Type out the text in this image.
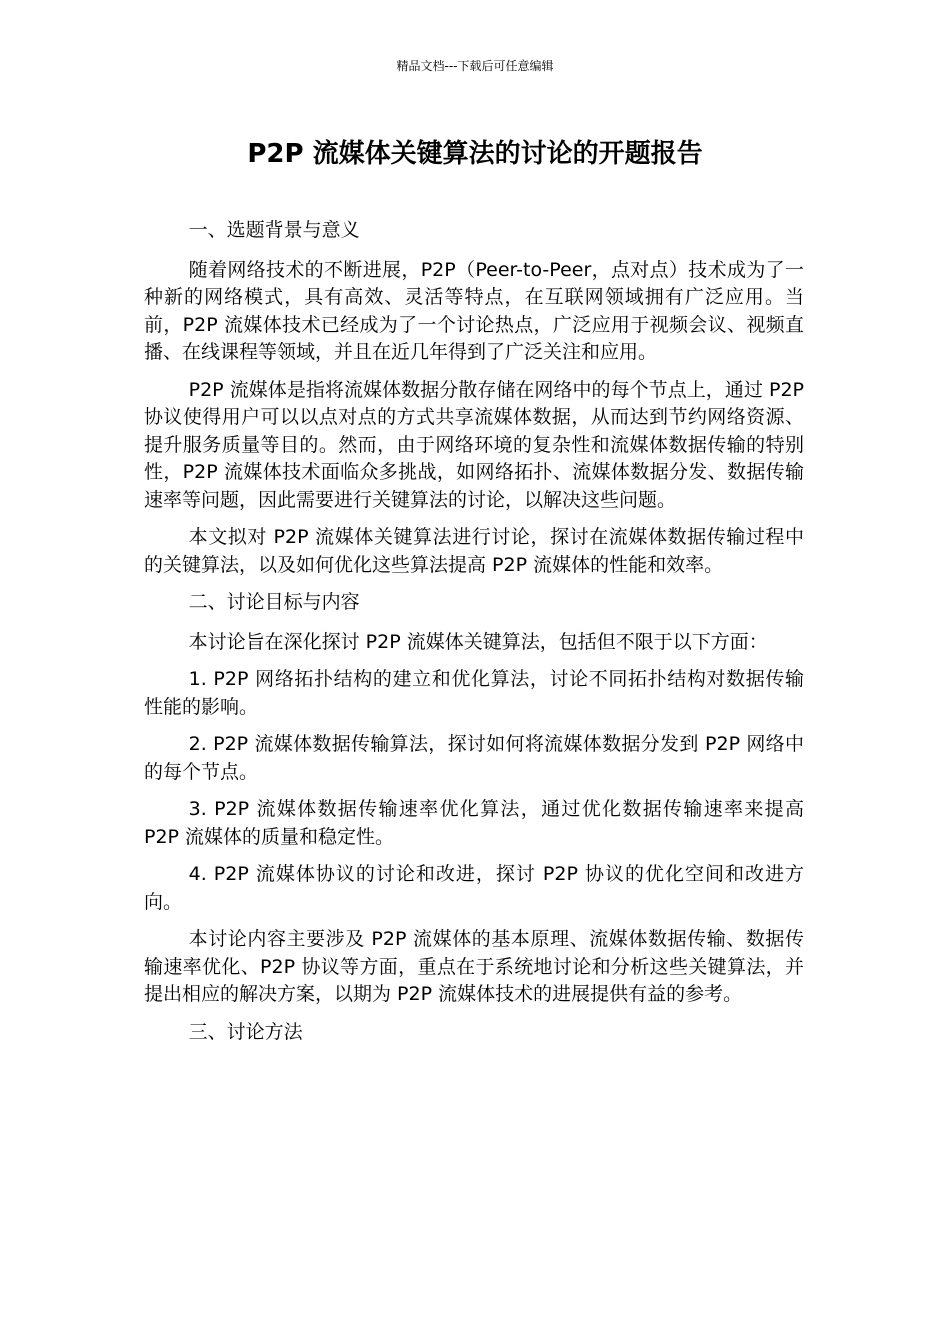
精品文档---下载后可任意编辑
P2P 流媒体关键算法的讨论的开题报告

一、选题背景与意义

随着网络技术的不断进展，P2P（Peer-to-Peer，点对点）技术成为了一种新的网络模式，具有高效、灵活等特点，在互联网领域拥有广泛应用。当前，P2P 流媒体技术已经成为了一个讨论热点，广泛应用于视频会议、视频直播、在线课程等领域，并且在近几年得到了广泛关注和应用。

P2P 流媒体是指将流媒体数据分散存储在网络中的每个节点上，通过 P2P 协议使得用户可以以点对点的方式共享流媒体数据，从而达到节约网络资源、提升服务质量等目的。然而，由于网络环境的复杂性和流媒体数据传输的特别性，P2P 流媒体技术面临众多挑战，如网络拓扑、流媒体数据分发、数据传输速率等问题，因此需要进行关键算法的讨论，以解决这些问题。

本文拟对 P2P 流媒体关键算法进行讨论，探讨在流媒体数据传输过程中的关键算法，以及如何优化这些算法提高 P2P 流媒体的性能和效率。

二、讨论目标与内容

本讨论旨在深化探讨 P2P 流媒体关键算法，包括但不限于以下方面：

1. P2P 网络拓扑结构的建立和优化算法，讨论不同拓扑结构对数据传输性能的影响。

2. P2P 流媒体数据传输算法，探讨如何将流媒体数据分发到 P2P 网络中的每个节点。

3. P2P 流媒体数据传输速率优化算法，通过优化数据传输速率来提高 P2P 流媒体的质量和稳定性。

4. P2P 流媒体协议的讨论和改进，探讨 P2P 协议的优化空间和改进方向。

本讨论内容主要涉及 P2P 流媒体的基本原理、流媒体数据传输、数据传输速率优化、P2P 协议等方面，重点在于系统地讨论和分析这些关键算法，并提出相应的解决方案，以期为 P2P 流媒体技术的进展提供有益的参考。

三、讨论方法
